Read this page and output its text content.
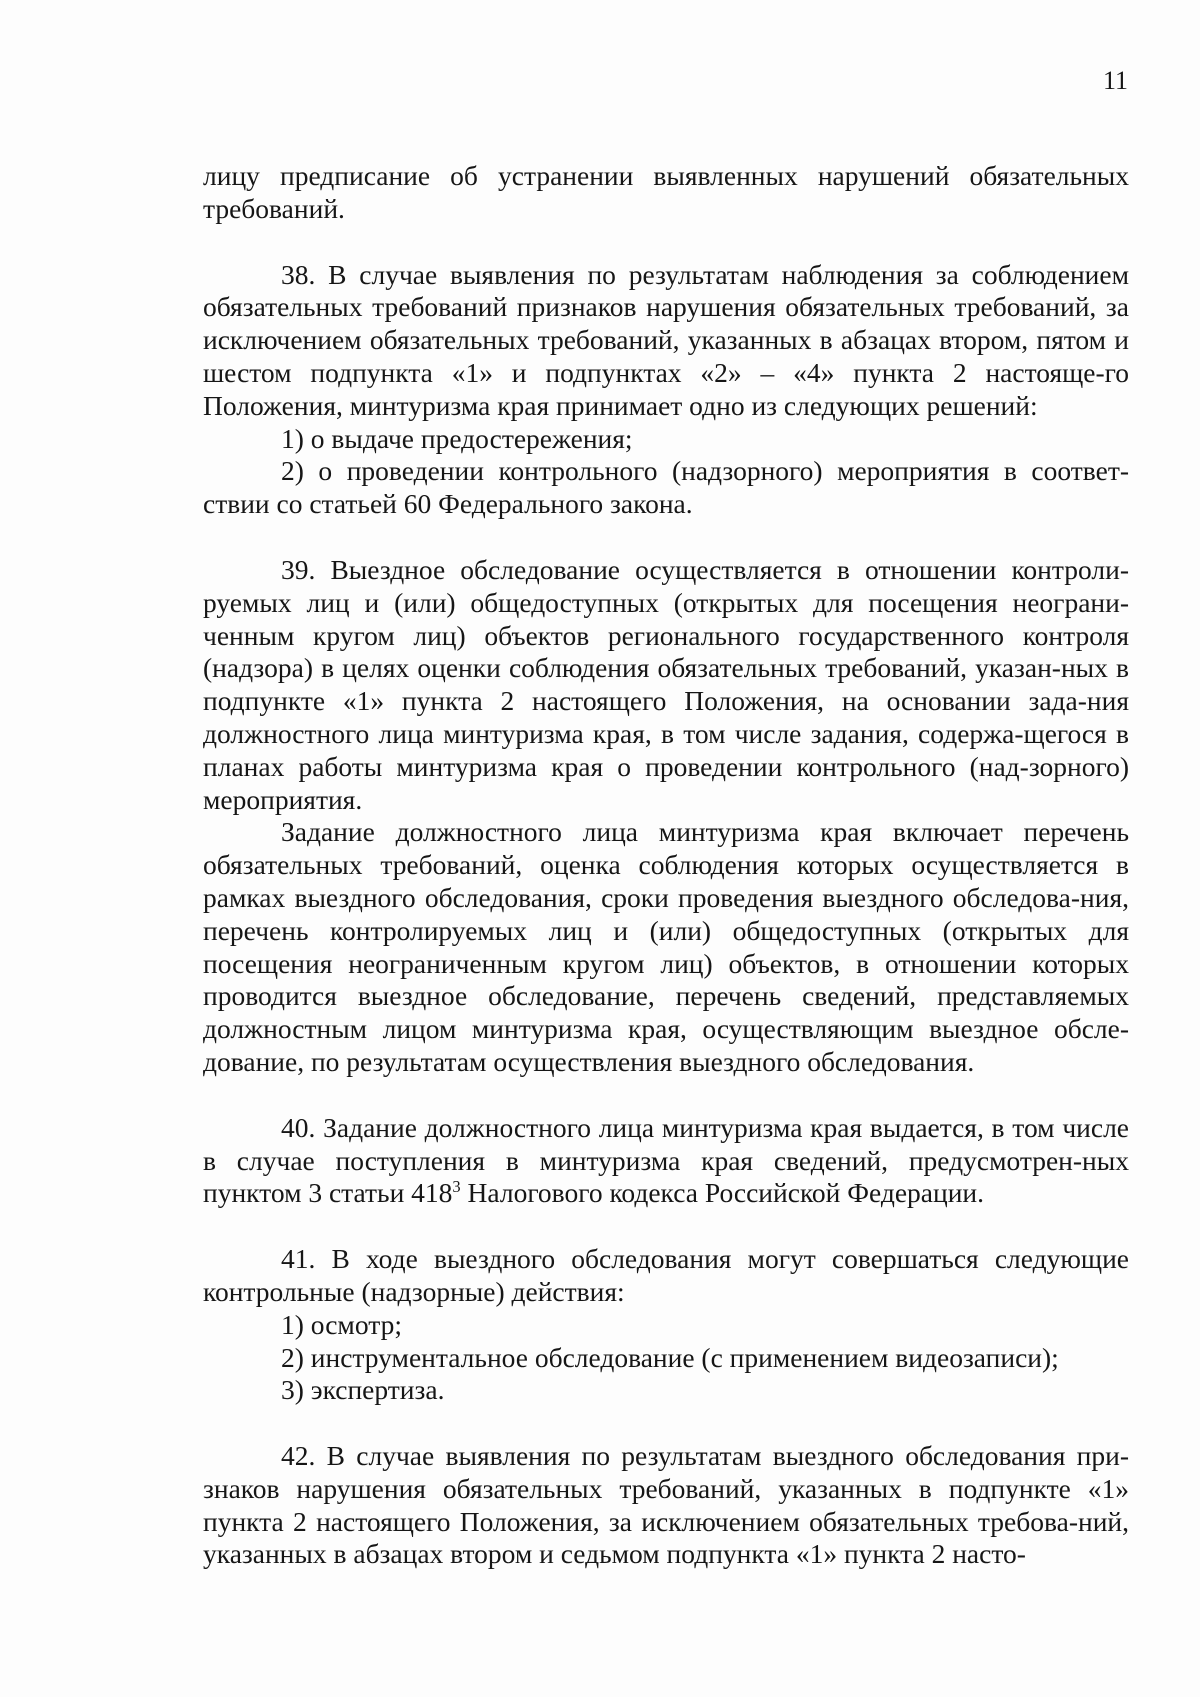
11

лицу предписание об устранении выявленных нарушений обязательных требований.

38. В случае выявления по результатам наблюдения за соблюдением обязательных требований признаков нарушения обязательных требований, за исключением обязательных требований, указанных в абзацах втором, пятом и шестом подпункта «1» и подпунктах «2» – «4» пункта 2 настояще-го Положения, минтуризма края принимает одно из следующих решений:

1) о выдаче предостережения;

2) о проведении контрольного (надзорного) мероприятия в соответ-ствии со статьей 60 Федерального закона.

39. Выездное обследование осуществляется в отношении контроли-руемых лиц и (или) общедоступных (открытых для посещения неограни-ченным кругом лиц) объектов регионального государственного контроля (надзора) в целях оценки соблюдения обязательных требований, указан-ных в подпункте «1» пункта 2 настоящего Положения, на основании зада-ния должностного лица минтуризма края, в том числе задания, содержа-щегося в планах работы минтуризма края о проведении контрольного (над-зорного) мероприятия.

Задание должностного лица минтуризма края включает перечень обязательных требований, оценка соблюдения которых осуществляется в рамках выездного обследования, сроки проведения выездного обследова-ния, перечень контролируемых лиц и (или) общедоступных (открытых для посещения неограниченным кругом лиц) объектов, в отношении которых проводится выездное обследование, перечень сведений, представляемых должностным лицом минтуризма края, осуществляющим выездное обсле-дование, по результатам осуществления выездного обследования.

40. Задание должностного лица минтуризма края выдается, в том числе в случае поступления в минтуризма края сведений, предусмотрен-ных пунктом 3 статьи $418^3$ Налогового кодекса Российской Федерации.

41. В ходе выездного обследования могут совершаться следующие контрольные (надзорные) действия:

1) осмотр;

2) инструментальное обследование (с применением видеозаписи);

3) экспертиза.

42. В случае выявления по результатам выездного обследования при-знаков нарушения обязательных требований, указанных в подпункте «1» пункта 2 настоящего Положения, за исключением обязательных требова-ний, указанных в абзацах втором и седьмом подпункта «1» пункта 2 насто-
